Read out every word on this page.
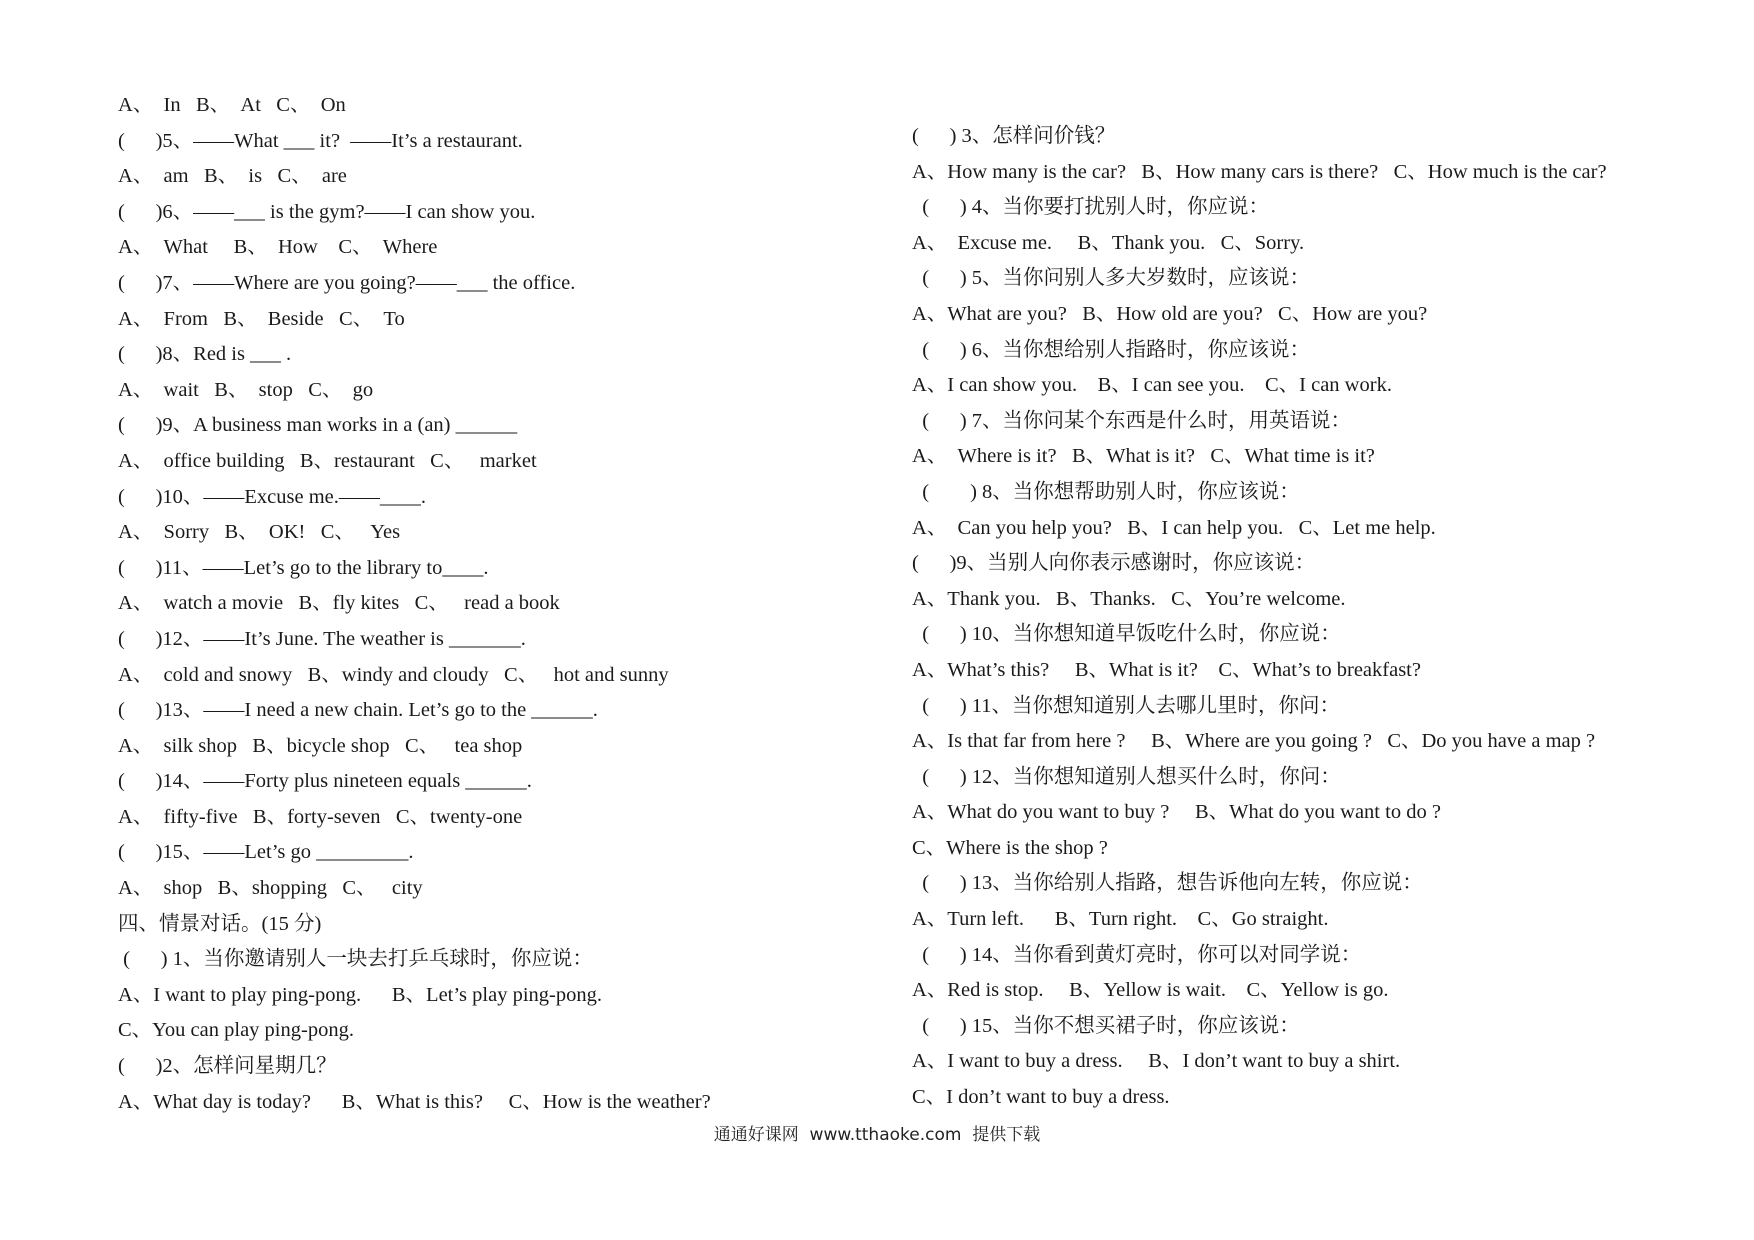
A、  In   B、  At   C、  On
(      )5、——What ___ it?  ——It’s a restaurant.
A、  am   B、  is   C、  are
(      )6、——___ is the gym?——I can show you.
A、  What     B、  How    C、  Where
(      )7、——Where are you going?——___ the office.
A、  From   B、  Beside   C、  To
(      )8、Red is ___ .
A、  wait   B、  stop   C、  go
(      )9、A business man works in a (an) ______
A、  office building   B、restaurant   C、   market
(      )10、——Excuse me.——____.
A、  Sorry   B、  OK!   C、   Yes
(      )11、——Let’s go to the library to____.
A、  watch a movie   B、fly kites   C、   read a book
(      )12、——It’s June. The weather is _______.
A、  cold and snowy   B、windy and cloudy   C、   hot and sunny
(      )13、——I need a new chain. Let’s go to the ______.
A、  silk shop   B、bicycle shop   C、   tea shop
(      )14、——Forty plus nineteen equals ______.
A、  fifty-five   B、forty-seven   C、twenty-one
(      )15、——Let’s go _________.
A、  shop   B、shopping   C、   city
四、情景对话。(15 分)
(      ) 1、当你邀请别人一块去打乒乓球时，你应说：
A、I want to play ping-pong.      B、Let’s play ping-pong.
C、You can play ping-pong.
(      )2、怎样问星期几？
A、What day is today?      B、What is this?     C、How is the weather?
(      ) 3、怎样问价钱？
A、How many is the car?   B、How many cars is there?   C、How much is the car?
(      ) 4、当你要打扰别人时，你应说：
A、  Excuse me.     B、Thank you.   C、Sorry.
(      ) 5、当你问别人多大岁数时，应该说：
A、What are you?   B、How old are you?   C、How are you?
(      ) 6、当你想给别人指路时，你应该说：
A、I can show you.    B、I can see you.    C、I can work.
(      ) 7、当你问某个东西是什么时，用英语说：
A、  Where is it?   B、What is it?   C、What time is it?
(        ) 8、当你想帮助别人时，你应该说：
A、  Can you help you?   B、I can help you.   C、Let me help.
(      )9、当别人向你表示感谢时，你应该说：
A、Thank you.   B、Thanks.   C、You’re welcome.
(      ) 10、当你想知道早饭吃什么时，你应说：
A、What’s this?     B、What is it?    C、What’s to breakfast?
(      ) 11、当你想知道别人去哪儿里时，你问：
A、Is that far from here ?     B、Where are you going ?   C、Do you have a map ?
(      ) 12、当你想知道别人想买什么时，你问：
A、What do you want to buy ?     B、What do you want to do ?
C、Where is the shop ?
(      ) 13、当你给别人指路，想告诉他向左转，你应说：
A、Turn left.      B、Turn right.    C、Go straight.
(      ) 14、当你看到黄灯亮时，你可以对同学说：
A、Red is stop.     B、Yellow is wait.    C、Yellow is go.
(      ) 15、当你不想买裙子时，你应该说：
A、I want to buy a dress.     B、I don’t want to buy a shirt.
C、I don’t want to buy a dress.
通通好课网  www.tthaoke.com  提供下载
